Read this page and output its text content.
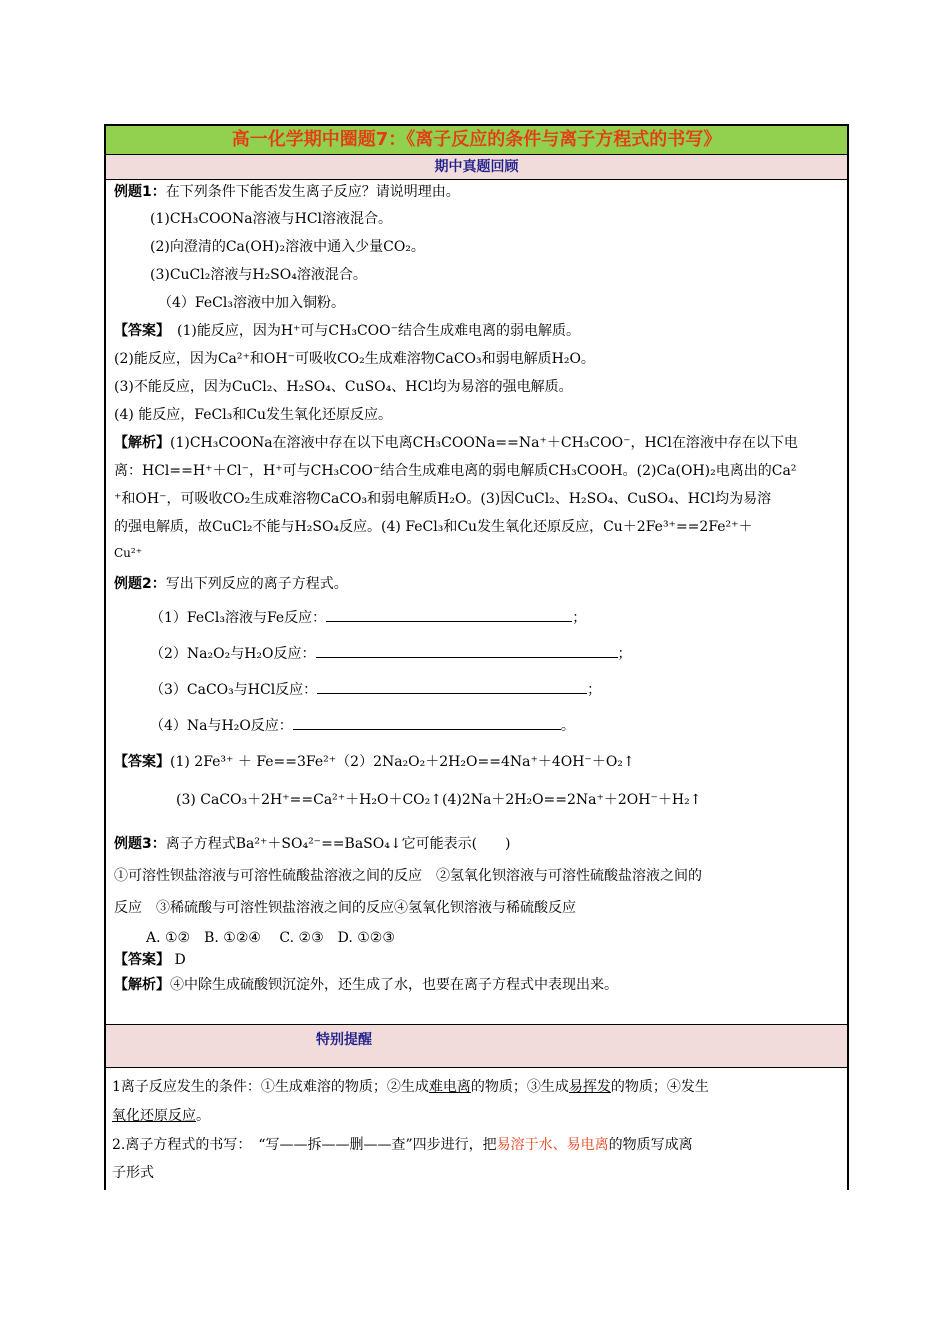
高一化学期中圈题7：《离子反应的条件与离子方程式的书写》
期中真题回顾
例题1：在下列条件下能否发生离子反应？请说明理由。
(1)CH₃COONa溶液与HCl溶液混合。
(2)向澄清的Ca(OH)₂溶液中通入少量CO₂。
(3)CuCl₂溶液与H₂SO₄溶液混合。
（4）FeCl₃溶液中加入铜粉。
【答案】　(1)能反应，因为H⁺可与CH₃COO⁻结合生成难电离的弱电解质。
(2)能反应，因为Ca²⁺和OH⁻可吸收CO₂生成难溶物CaCO₃和弱电解质H₂O。
(3)不能反应，因为CuCl₂、H₂SO₄、CuSO₄、HCl均为易溶的强电解质。
(4) 能反应，FeCl₃和Cu发生氧化还原反应。
【解析】(1)CH₃COONa在溶液中存在以下电离CH₃COONa==Na⁺＋CH₃COO⁻，HCl在溶液中存在以下电
离：HCl==H⁺＋Cl⁻，H⁺可与CH₃COO⁻结合生成难电离的弱电解质CH₃COOH。(2)Ca(OH)₂电离出的Ca²
⁺和OH⁻，可吸收CO₂生成难溶物CaCO₃和弱电解质H₂O。(3)因CuCl₂、H₂SO₄、CuSO₄、HCl均为易溶
的强电解质，故CuCl₂不能与H₂SO₄反应。(4) FeCl₃和Cu发生氧化还原反应，Cu＋2Fe³⁺==2Fe²⁺＋
Cu²⁺
例题2：写出下列反应的离子方程式。
（1）FeCl₃溶液与Fe反应：	；
（2）Na₂O₂与H₂O反应：	；
（3）CaCO₃与HCl反应：	；
（4）Na与H₂O反应：	。
【答案】(1) 2Fe³⁺ ＋ Fe==3Fe²⁺（2）2Na₂O₂＋2H₂O==4Na⁺＋4OH⁻＋O₂↑
(3) CaCO₃＋2H⁺==Ca²⁺＋H₂O＋CO₂↑(4)2Na＋2H₂O==2Na⁺＋2OH⁻＋H₂↑
例题3：离子方程式Ba²⁺＋SO₄²⁻==BaSO₄↓它可能表示(　　)
①可溶性钡盐溶液与可溶性硫酸盐溶液之间的反应　②氢氧化钡溶液与可溶性硫酸盐溶液之间的
反应　③稀硫酸与可溶性钡盐溶液之间的反应④氢氧化钡溶液与稀硫酸反应
A. ①②　B. ①②④　 C. ②③　D. ①②③
【答案】 D
【解析】④中除生成硫酸钡沉淀外，还生成了水，也要在离子方程式中表现出来。
特别提醒
1离子反应发生的条件：①生成难溶的物质；②生成难电离的物质；③生成易挥发的物质；④发生
氧化还原反应。
2.离子方程式的书写：　“写——拆——删——查”四步进行，把易溶于水、易电离的物质写成离
子形式
